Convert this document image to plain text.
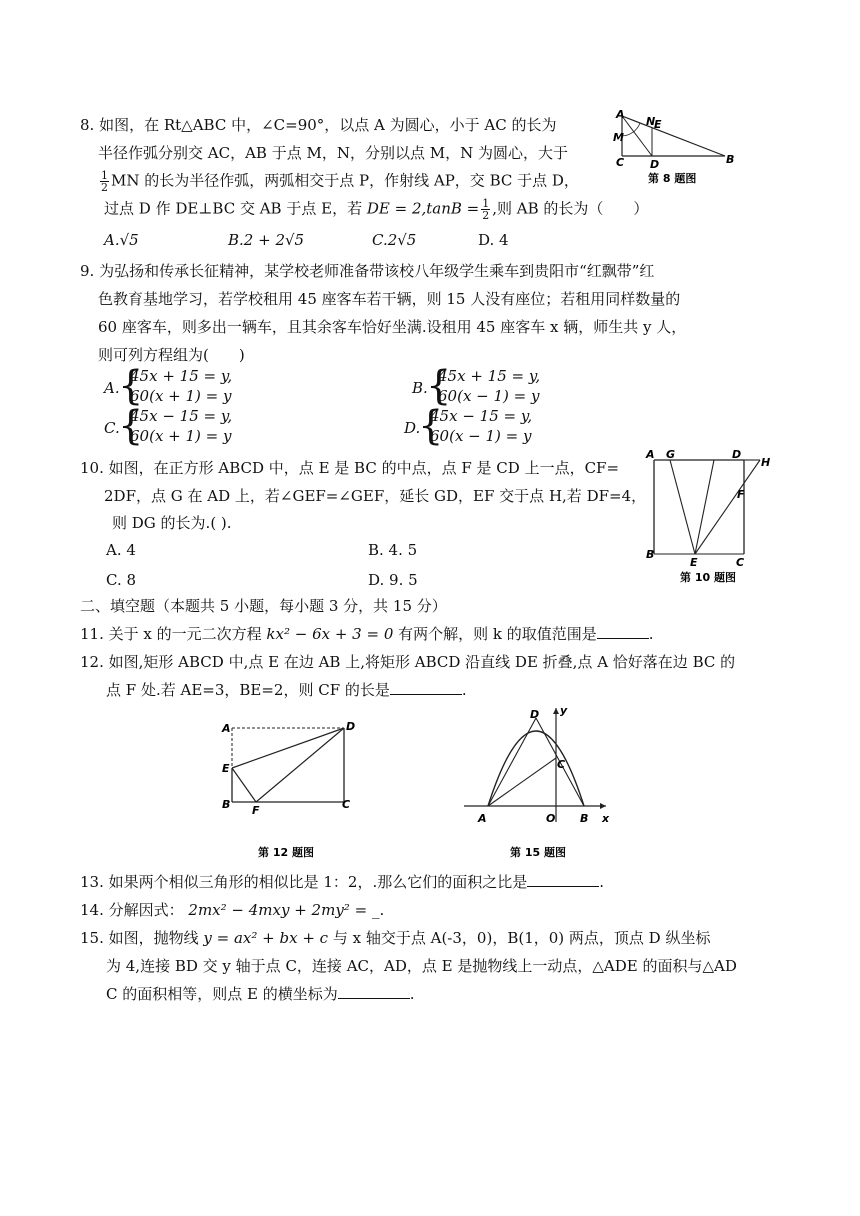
8. 如图，在 Rt△ABC 中，∠C=90°，以点 A 为圆心，小于 AC 的长为
半径作弧分别交 AC，AB 于点 M，N，分别以点 M，N 为圆心，大于
$\frac{1}{2}$ MN 的长为半径作弧，两弧相交于点 P，作射线 AP，交 BC 于点 D，
过点 D 作 DE⊥BC 交 AB 于点 E，若 DE = $2,\tan B = \frac{1}{2}$ ,则 AB 的长为（　　）
A.√5	B.2 + 2√5	C.2√5	D. 4
A
N
E
M
C D	B
第 8 题图
9. 为弘扬和传承长征精神，某学校老师准备带该校八年级学生乘车到贵阳市“红飘带”红
色教育基地学习，若学校租用 45 座客车若干辆，则 15 人没有座位；若租用同样数量的
60 座客车，则多出一辆车，且其余客车恰好坐满.设租用 45 座客车 x 辆，师生共 y 人，
则可列方程组为(　　)
A.
{
45x + 15 = y,
60(x + 1) = y	B.
{
45x + 15 = y,
60(x − 1) = y
C.
{
45x − 15 = y,
60(x + 1) = y	D.
{
45x − 15 = y,
60(x − 1) = y
10. 如图，在正方形 ABCD 中，点 E 是 BC 的中点，点 F 是 CD 上一点，CF=
2DF，点 G 在 AD 上，若∠GEF=∠GEF，延长 GD，EF 交于点 H,若 DF=4，
则 DG 的长为.( ).
A. 4	B. 4. 5
C. 8	D. 9. 5
A G	D
H
F
B
E	C
第 10 题图
二、填空题（本题共 5 小题，每小题 3 分，共 15 分）
11. 关于 x 的一元二次方程 kx² − 6x + 3 = 0 有两个解，则 k 的取值范围是	.
12. 如图,矩形 ABCD 中,点 E 在边 AB 上,将矩形 ABCD 沿直线 DE 折叠,点 A 恰好落在边 BC 的
点 F 处.若 AE=3，BE=2，则 CF 的长是	.
A	D
E
B F	C
第 12 题图
D y
C
A	O B x
第 15 题图
13. 如果两个相似三角形的相似比是 1：2，.那么它们的面积之比是	.
14. 分解因式： 2mx² − 4mxy + 2my² = _.
15. 如图，抛物线 y = ax² + bx + c 与 x 轴交于点 A(-3，0)，B(1，0) 两点，顶点 D 纵坐标
为 4,连接 BD 交 y 轴于点 C，连接 AC，AD，点 E 是抛物线上一动点，△ADE 的面积与△AD
C 的面积相等，则点 E 的横坐标为	.
